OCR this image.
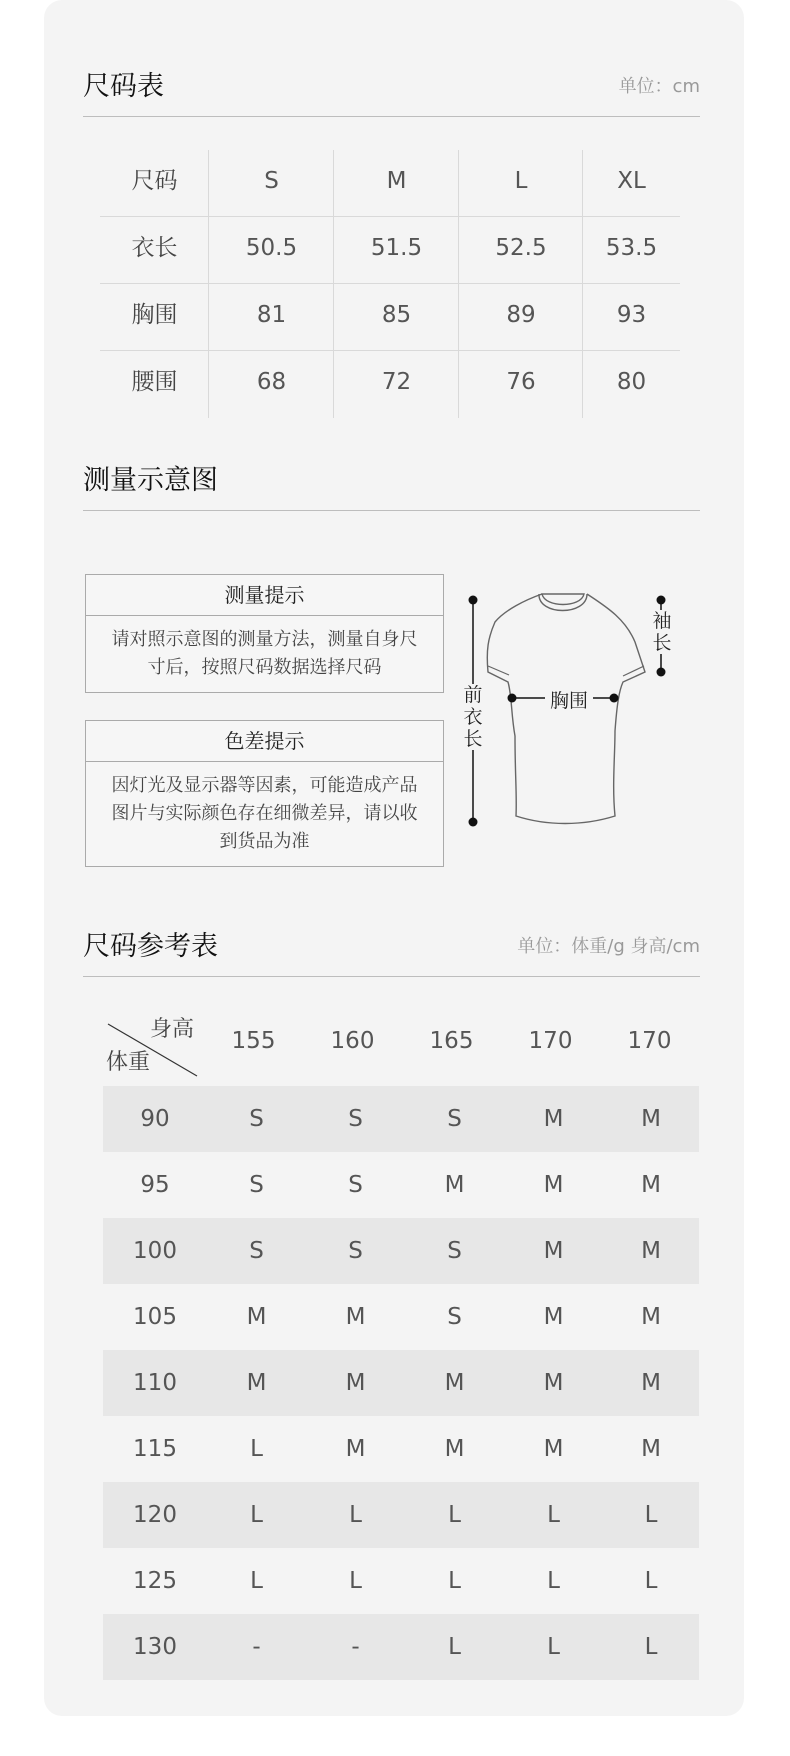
尺码表	单位：cm
尺码	S	M	L	XL
衣长	50.5	51.5	52.5	53.5
胸围	81	85	89	93
腰围	68	72	76	80
测量示意图
测量提示
请对照示意图的测量方法，测量自身尺寸后，按照尺码数据选择尺码
色差提示
因灯光及显示器等因素，可能造成产品图片与实际颜色存在细微差异，请以收到货品为准
前衣长
胸围
袖长
尺码参考表	单位：体重/g 身高/cm
身高
体重
155	160	165	170	170
90	S	S	S	M	M
95	S	S	M	M	M
100	S	S	S	M	M
105	M	M	S	M	M
110	M	M	M	M	M
115	L	M	M	M	M
120	L	L	L	L	L
125	L	L	L	L	L
130	-	-	L	L	L
